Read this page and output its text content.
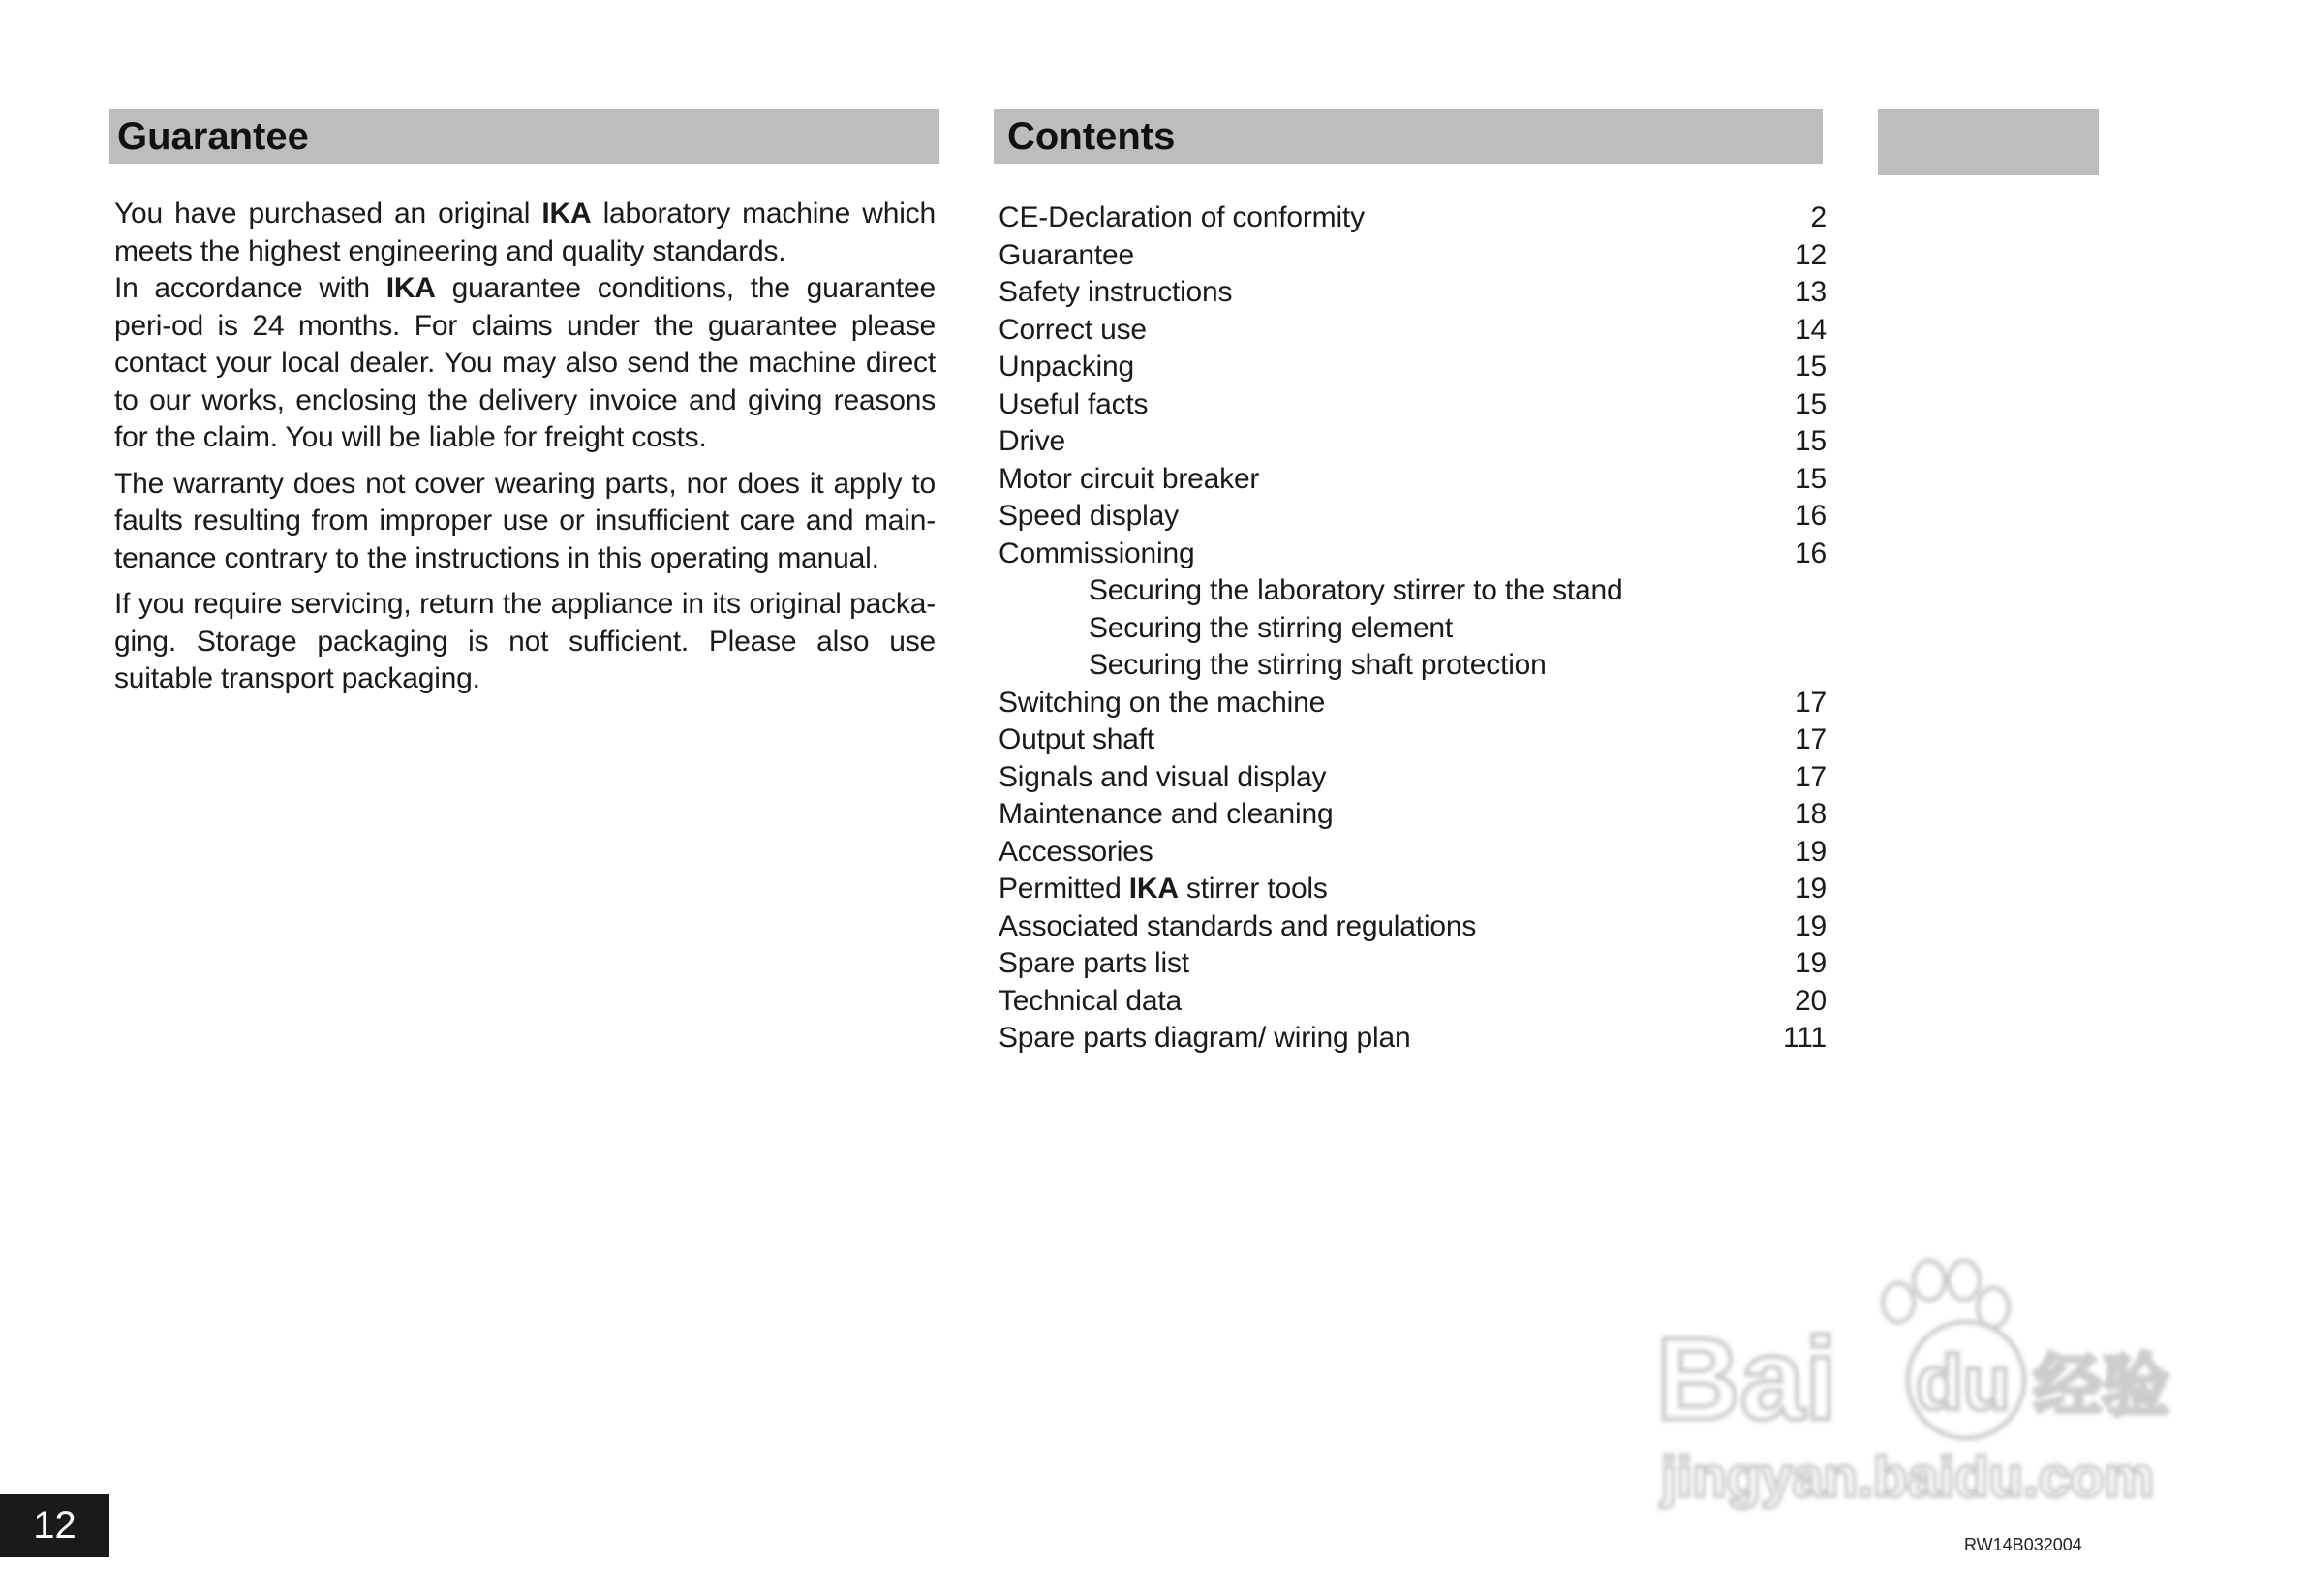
Guarantee	Contents

You have purchased an original IKA laboratory machine which meets the highest engineering and quality standards.
In accordance with IKA guarantee conditions, the guarantee peri-od is 24 months. For claims under the guarantee please contact your local dealer. You may also send the machine direct to our works, enclosing the delivery invoice and giving reasons for the claim. You will be liable for freight costs.

The warranty does not cover wearing parts, nor does it apply to faults resulting from improper use or insufficient care and main-tenance contrary to the instructions in this operating manual.

If you require servicing, return the appliance in its original packa-ging. Storage packaging is not sufficient. Please also use suitable transport packaging.

CE-Declaration of conformity	2
Guarantee	12
Safety instructions	13
Correct use	14
Unpacking	15
Useful facts	15
Drive	15
Motor circuit breaker	15
Speed display	16
Commissioning	16
Securing the laboratory stirrer to the stand
Securing the stirring element
Securing the stirring shaft protection
Switching on the machine	17
Output shaft	17
Signals and visual display	17
Maintenance and cleaning	18
Accessories	19
Permitted IKA stirrer tools	19
Associated standards and regulations	19
Spare parts list	19
Technical data	20
Spare parts diagram/ wiring plan	111
12	RW14B032004
Bai du 经验
jingyan.baidu.com
